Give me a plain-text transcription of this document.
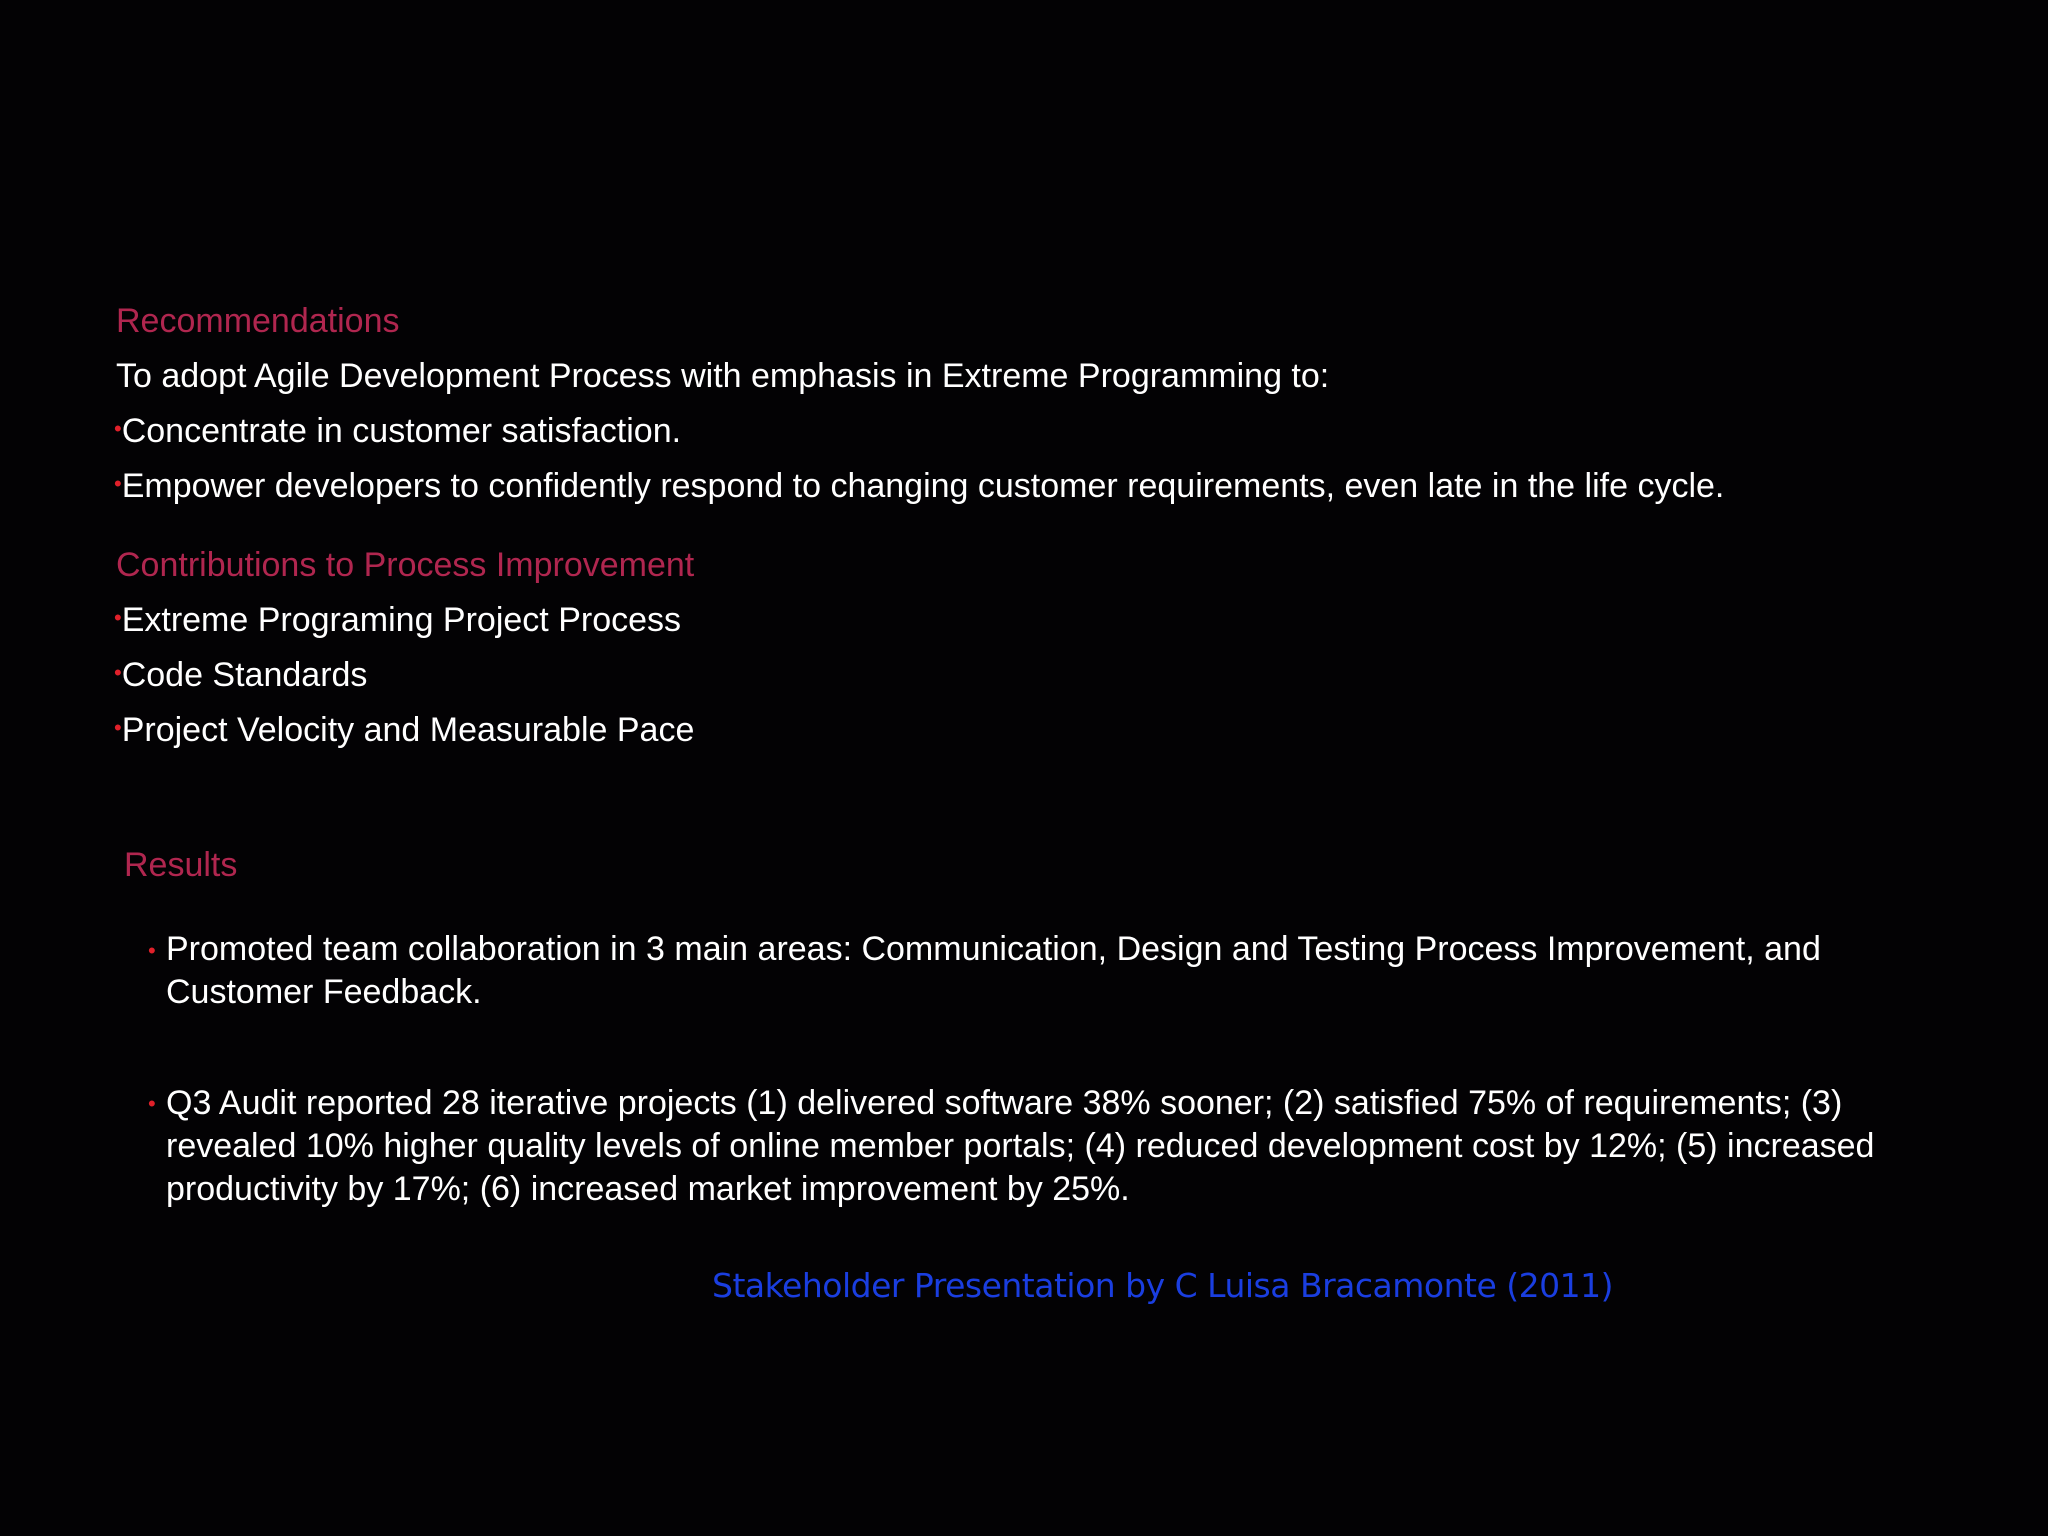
Recommendations
To adopt Agile Development Process with emphasis in Extreme Programming to:
•Concentrate in customer satisfaction.
•Empower developers to confidently respond to changing customer requirements, even late in the life cycle.
Contributions to Process Improvement
•Extreme Programing Project Process
•Code Standards
•Project Velocity and Measurable Pace
Results
• Promoted team collaboration in 3 main areas: Communication, Design and Testing Process Improvement, and
Customer Feedback.
• Q3 Audit reported 28 iterative projects (1) delivered software 38% sooner; (2) satisfied 75% of requirements; (3)
revealed 10% higher quality levels of online member portals; (4) reduced development cost by 12%; (5) increased
productivity by 17%; (6) increased market improvement by 25%.
Stakeholder Presentation by C Luisa Bracamonte (2011)
